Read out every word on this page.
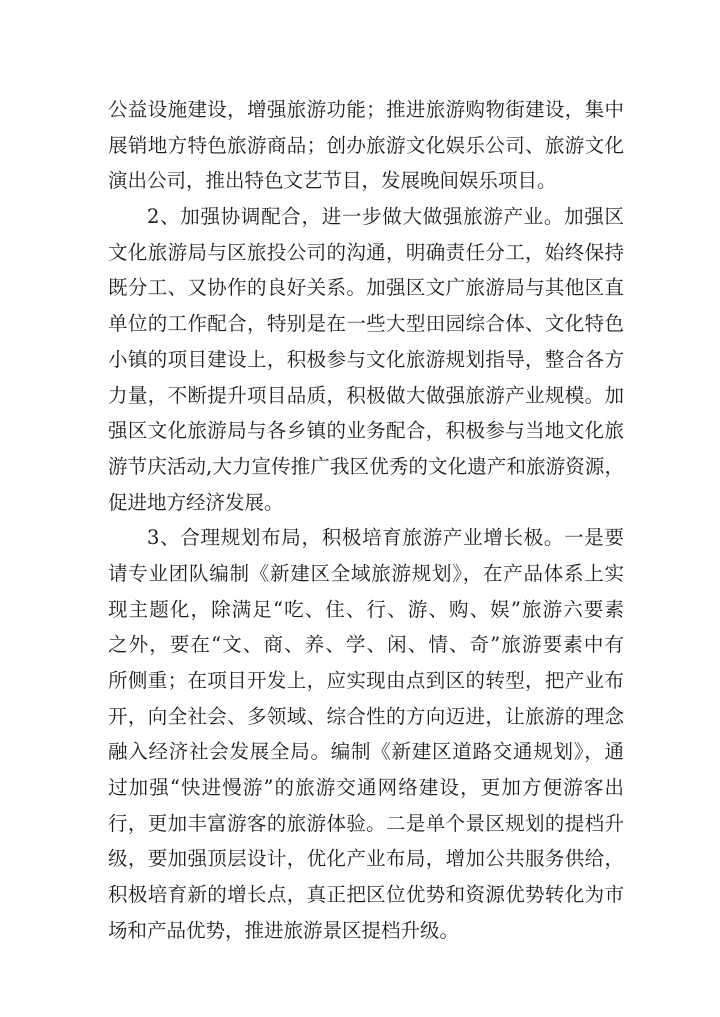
公益设施建设，增强旅游功能；推进旅游购物街建设，集中
展销地方特色旅游商品；创办旅游文化娱乐公司、旅游文化
演出公司，推出特色文艺节目，发展晚间娱乐项目。
2、加强协调配合，进一步做大做强旅游产业。加强区
文化旅游局与区旅投公司的沟通，明确责任分工，始终保持
既分工、又协作的良好关系。加强区文广旅游局与其他区直
单位的工作配合，特别是在一些大型田园综合体、文化特色
小镇的项目建设上，积极参与文化旅游规划指导，整合各方
力量，不断提升项目品质，积极做大做强旅游产业规模。加
强区文化旅游局与各乡镇的业务配合，积极参与当地文化旅
游节庆活动,大力宣传推广我区优秀的文化遗产和旅游资源，
促进地方经济发展。
3、合理规划布局，积极培育旅游产业增长极。一是要
请专业团队编制《新建区全域旅游规划》，在产品体系上实
现主题化，除满足“吃、住、行、游、购、娱”旅游六要素
之外，要在“文、商、养、学、闲、情、奇”旅游要素中有
所侧重；在项目开发上，应实现由点到区的转型，把产业布
开，向全社会、多领域、综合性的方向迈进，让旅游的理念
融入经济社会发展全局。编制《新建区道路交通规划》，通
过加强“快进慢游”的旅游交通网络建设，更加方便游客出
行，更加丰富游客的旅游体验。二是单个景区规划的提档升
级，要加强顶层设计，优化产业布局，增加公共服务供给，
积极培育新的增长点，真正把区位优势和资源优势转化为市
场和产品优势，推进旅游景区提档升级。
